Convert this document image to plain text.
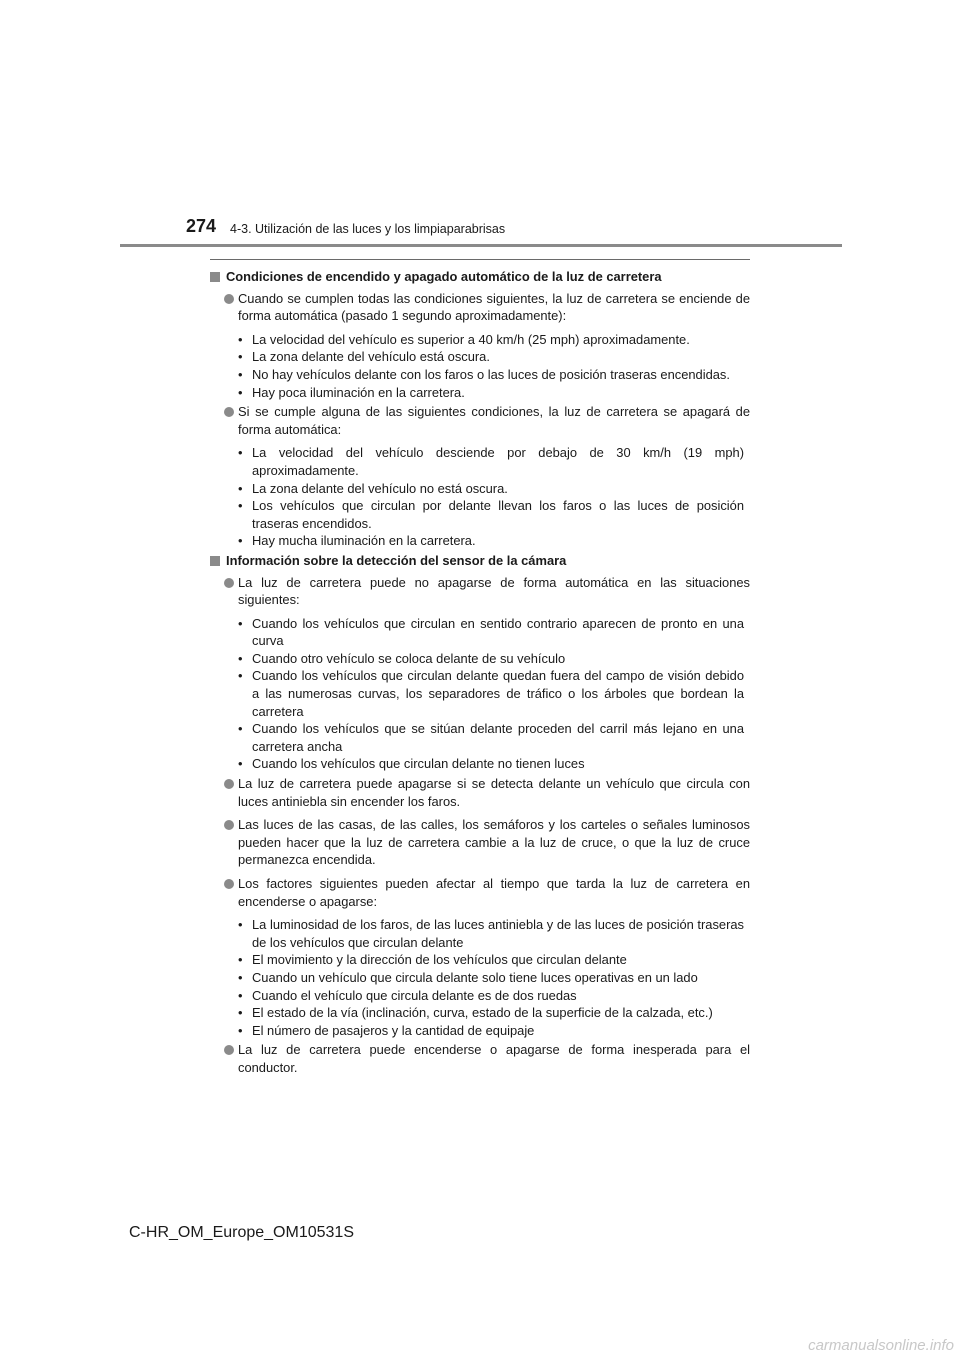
274 4-3. Utilización de las luces y los limpiaparabrisas
Condiciones de encendido y apagado automático de la luz de carretera
Cuando se cumplen todas las condiciones siguientes, la luz de carretera se enciende de forma automática (pasado 1 segundo aproximadamente):
• La velocidad del vehículo es superior a 40 km/h (25 mph) aproximadamente.
• La zona delante del vehículo está oscura.
• No hay vehículos delante con los faros o las luces de posición traseras encendidas.
• Hay poca iluminación en la carretera.
Si se cumple alguna de las siguientes condiciones, la luz de carretera se apagará de forma automática:
• La velocidad del vehículo desciende por debajo de 30 km/h (19 mph) aproximadamente.
• La zona delante del vehículo no está oscura.
• Los vehículos que circulan por delante llevan los faros o las luces de posición traseras encendidos.
• Hay mucha iluminación en la carretera.
Información sobre la detección del sensor de la cámara
La luz de carretera puede no apagarse de forma automática en las situaciones siguientes:
• Cuando los vehículos que circulan en sentido contrario aparecen de pronto en una curva
• Cuando otro vehículo se coloca delante de su vehículo
• Cuando los vehículos que circulan delante quedan fuera del campo de visión debido a las numerosas curvas, los separadores de tráfico o los árboles que bordean la carretera
• Cuando los vehículos que se sitúan delante proceden del carril más lejano en una carretera ancha
• Cuando los vehículos que circulan delante no tienen luces
La luz de carretera puede apagarse si se detecta delante un vehículo que circula con luces antiniebla sin encender los faros.
Las luces de las casas, de las calles, los semáforos y los carteles o señales luminosos pueden hacer que la luz de carretera cambie a la luz de cruce, o que la luz de cruce permanezca encendida.
Los factores siguientes pueden afectar al tiempo que tarda la luz de carretera en encenderse o apagarse:
• La luminosidad de los faros, de las luces antiniebla y de las luces de posición traseras de los vehículos que circulan delante
• El movimiento y la dirección de los vehículos que circulan delante
• Cuando un vehículo que circula delante solo tiene luces operativas en un lado
• Cuando el vehículo que circula delante es de dos ruedas
• El estado de la vía (inclinación, curva, estado de la superficie de la calzada, etc.)
• El número de pasajeros y la cantidad de equipaje
La luz de carretera puede encenderse o apagarse de forma inesperada para el conductor.
C-HR_OM_Europe_OM10531S
carmanualsonline.info
